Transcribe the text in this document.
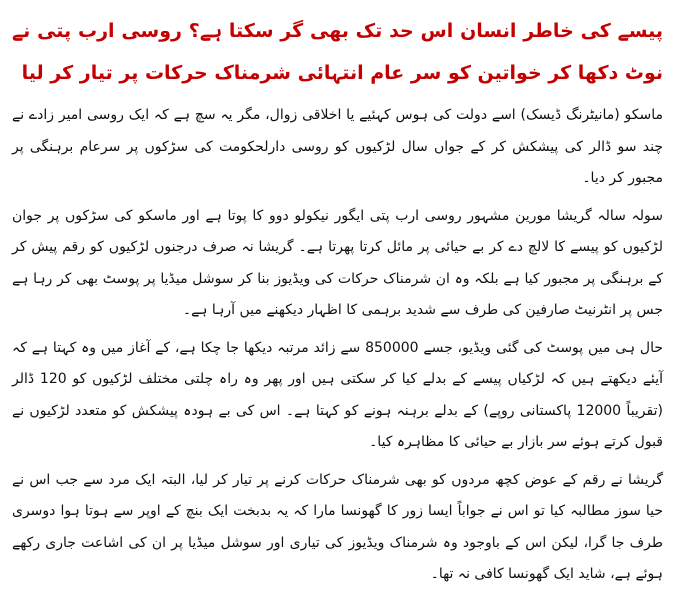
پیسے کی خاطر انسان اس حد تک بھی گر سکتا ہے؟ روسی ارب پتی نے نوٹ دکھا کر خواتین کو سر عام انتہائی شرمناک حرکات پر تیار کر لیا

ماسکو (مانیٹرنگ ڈیسک) اسے دولت کی ہوس کہئیے یا اخلاقی زوال، مگر یہ سچ ہے کہ ایک روسی امیر زادے نے چند سو ڈالر کی پیشکش کر کے جواں سال لڑکیوں کو روسی دارلحکومت کی سڑکوں پر سرعام برہنگی پر مجبور کر دیا۔

سولہ سالہ گریشا مورین مشہور روسی ارب پتی ایگور نیکولو دوو کا پوتا ہے اور ماسکو کی سڑکوں پر جوان لڑکیوں کو پیسے کا لالچ دے کر بے حیائی پر مائل کرتا پھرتا ہے۔ گریشا نہ صرف درجنوں لڑکیوں کو رقم پیش کر کے برہنگی پر مجبور کیا ہے بلکہ وہ ان شرمناک حرکات کی ویڈیوز بنا کر سوشل میڈیا پر پوسٹ بھی کر رہا ہے جس پر انٹرنیٹ صارفین کی طرف سے شدید برہمی کا اظہار دیکھنے میں آرہا ہے۔

حال ہی میں پوسٹ کی گئی ویڈیو، جسے 850000 سے زائد مرتبہ دیکھا جا چکا ہے، کے آغاز میں وہ کہتا ہے کہ آیئے دیکھتے ہیں کہ لڑکیاں پیسے کے بدلے کیا کر سکتی ہیں اور پھر وہ راہ چلتی مختلف لڑکیوں کو 120 ڈالر (تقریباً 12000 پاکستانی روپے) کے بدلے برہنہ ہونے کو کہتا ہے۔ اس کی بے ہودہ پیشکش کو متعدد لڑکیوں نے قبول کرتے ہوئے سر بازار بے حیائی کا مظاہرہ کیا۔

گریشا نے رقم کے عوض کچھ مردوں کو بھی شرمناک حرکات کرنے پر تیار کر لیا، البتہ ایک مرد سے جب اس نے حیا سوز مطالبہ کیا تو اس نے جواباً ایسا زور کا گھونسا مارا کہ یہ بدبخت ایک بنچ کے اوپر سے ہوتا ہوا دوسری طرف جا گرا، لیکن اس کے باوجود وہ شرمناک ویڈیوز کی تیاری اور سوشل میڈیا پر ان کی اشاعت جاری رکھے ہوئے ہے، شاید ایک گھونسا کافی نہ تھا۔
